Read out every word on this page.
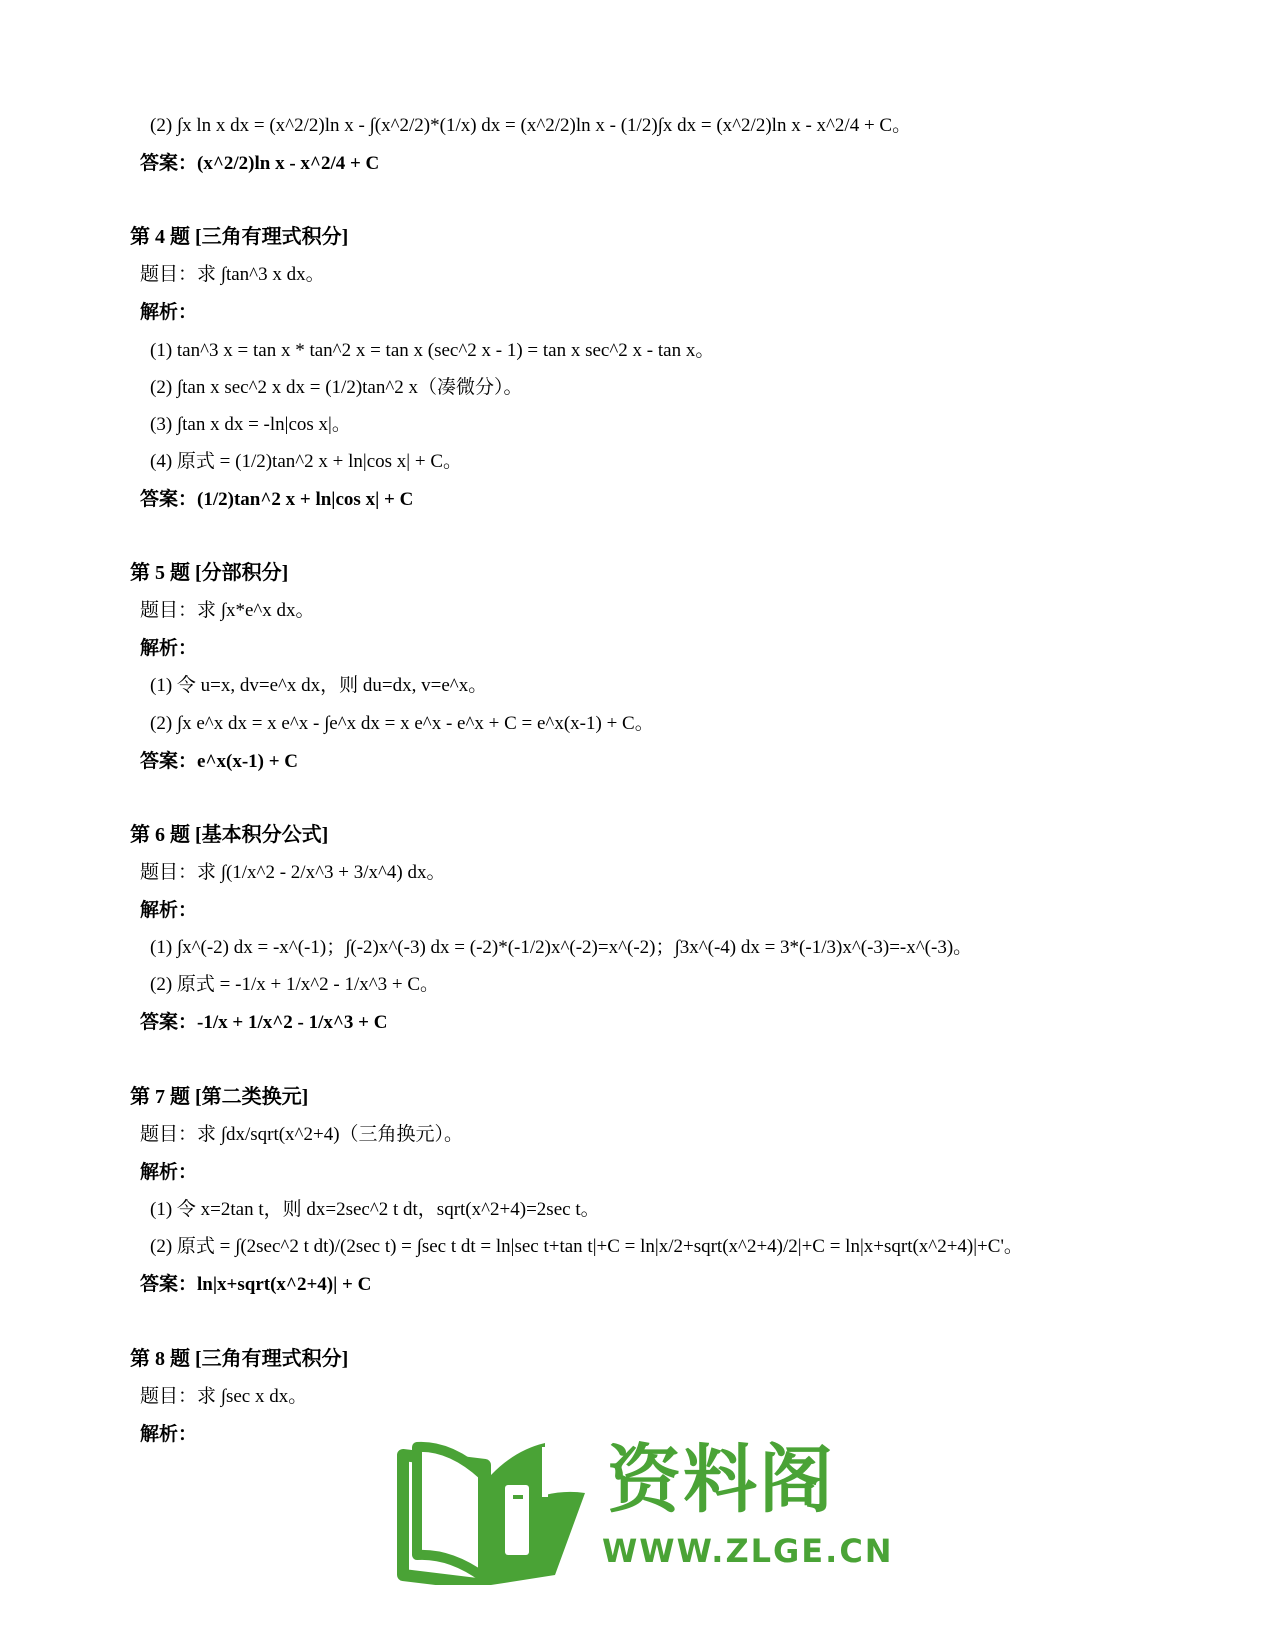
(2) ∫x ln x dx = (x^2/2)ln x - ∫(x^2/2)*(1/x) dx = (x^2/2)ln x - (1/2)∫x dx = (x^2/2)ln x - x^2/4 + C。
答案：(x^2/2)ln x - x^2/4 + C
第 4 题 [三角有理式积分]
题目：求 ∫tan^3 x dx。
解析：
(1) tan^3 x = tan x * tan^2 x = tan x (sec^2 x - 1) = tan x sec^2 x - tan x。
(2) ∫tan x sec^2 x dx = (1/2)tan^2 x（凑微分）。
(3) ∫tan x dx = -ln|cos x|。
(4) 原式 = (1/2)tan^2 x + ln|cos x| + C。
答案：(1/2)tan^2 x + ln|cos x| + C
第 5 题 [分部积分]
题目：求 ∫x*e^x dx。
解析：
(1) 令 u=x, dv=e^x dx，则 du=dx, v=e^x。
(2) ∫x e^x dx = x e^x - ∫e^x dx = x e^x - e^x + C = e^x(x-1) + C。
答案：e^x(x-1) + C
第 6 题 [基本积分公式]
题目：求 ∫(1/x^2 - 2/x^3 + 3/x^4) dx。
解析：
(1) ∫x^(-2) dx = -x^(-1)；∫(-2)x^(-3) dx = (-2)*(-1/2)x^(-2)=x^(-2)；∫3x^(-4) dx = 3*(-1/3)x^(-3)=-x^(-3)。
(2) 原式 = -1/x + 1/x^2 - 1/x^3 + C。
答案：-1/x + 1/x^2 - 1/x^3 + C
第 7 题 [第二类换元]
题目：求 ∫dx/sqrt(x^2+4)（三角换元）。
解析：
(1) 令 x=2tan t，则 dx=2sec^2 t dt，sqrt(x^2+4)=2sec t。
(2) 原式 = ∫(2sec^2 t dt)/(2sec t) = ∫sec t dt = ln|sec t+tan t|+C = ln|x/2+sqrt(x^2+4)/2|+C = ln|x+sqrt(x^2+4)|+C'。
答案：ln|x+sqrt(x^2+4)| + C
第 8 题 [三角有理式积分]
题目：求 ∫sec x dx。
解析：
资料阁
WWW.ZLGE.CN
